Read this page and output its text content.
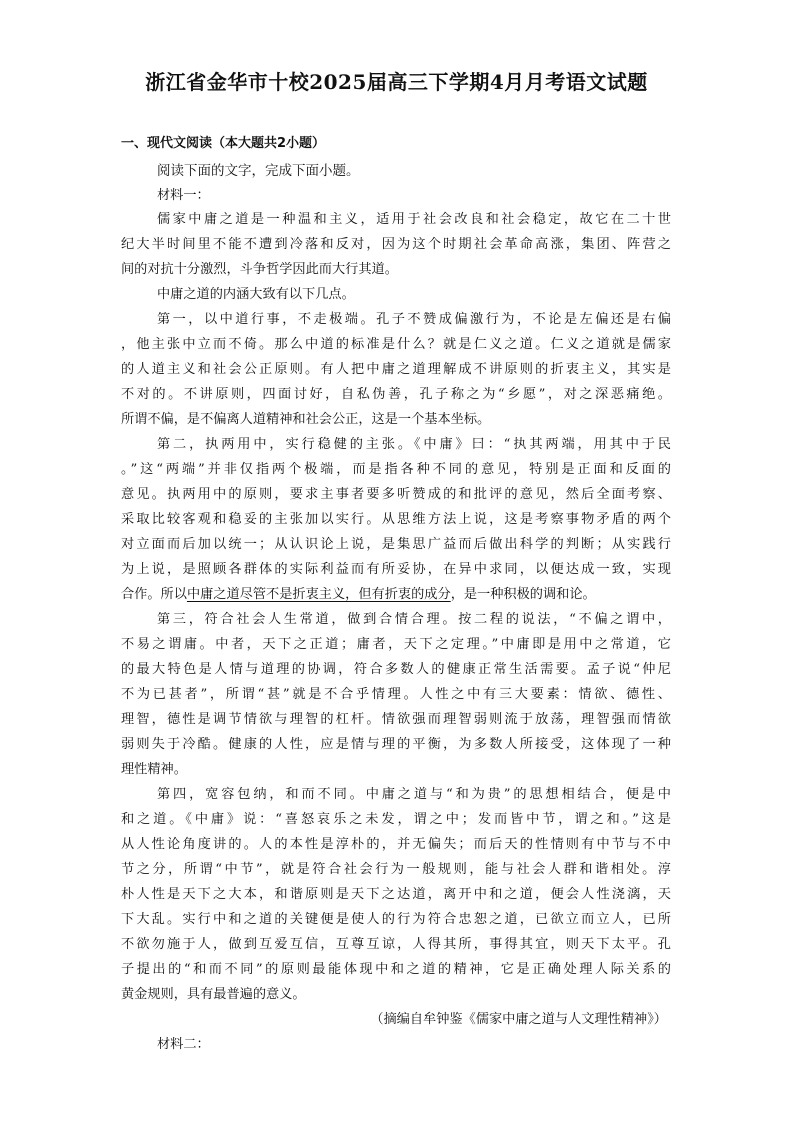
浙江省金华市十校2025届高三下学期4月月考语文试题
一、现代文阅读（本大题共2小题）
阅读下面的文字，完成下面小题。
材料一：
儒家中庸之道是一种温和主义，适用于社会改良和社会稳定，故它在二十世
纪大半时间里不能不遭到冷落和反对，因为这个时期社会革命高涨，集团、阵营之
间的对抗十分激烈，斗争哲学因此而大行其道。
中庸之道的内涵大致有以下几点。
第一，以中道行事，不走极端。孔子不赞成偏激行为，不论是左偏还是右偏
，他主张中立而不倚。那么中道的标准是什么？就是仁义之道。仁义之道就是儒家
的人道主义和社会公正原则。有人把中庸之道理解成不讲原则的折衷主义，其实是
不对的。不讲原则，四面讨好，自私伪善，孔子称之为“乡愿”，对之深恶痛绝。
所谓不偏，是不偏离人道精神和社会公正，这是一个基本坐标。
第二，执两用中，实行稳健的主张。《中庸》曰：“执其两端，用其中于民
。”这“两端”并非仅指两个极端，而是指各种不同的意见，特别是正面和反面的
意见。执两用中的原则，要求主事者要多听赞成的和批评的意见，然后全面考察、
采取比较客观和稳妥的主张加以实行。从思维方法上说，这是考察事物矛盾的两个
对立面而后加以统一；从认识论上说，是集思广益而后做出科学的判断；从实践行
为上说，是照顾各群体的实际利益而有所妥协，在异中求同，以便达成一致，实现
合作。所以中庸之道尽管不是折衷主义，但有折衷的成分，是一种积极的调和论。
第三，符合社会人生常道，做到合情合理。按二程的说法，“不偏之谓中，
不易之谓庸。中者，天下之正道；庸者，天下之定理。”中庸即是用中之常道，它
的最大特色是人情与道理的协调，符合多数人的健康正常生活需要。孟子说“仲尼
不为已甚者”，所谓“甚”就是不合乎情理。人性之中有三大要素：情欲、德性、
理智，德性是调节情欲与理智的杠杆。情欲强而理智弱则流于放荡，理智强而情欲
弱则失于冷酷。健康的人性，应是情与理的平衡，为多数人所接受，这体现了一种
理性精神。
第四，宽容包纳，和而不同。中庸之道与“和为贵”的思想相结合，便是中
和之道。《中庸》说：“喜怒哀乐之未发，谓之中；发而皆中节，谓之和。”这是
从人性论角度讲的。人的本性是淳朴的，并无偏失；而后天的性情则有中节与不中
节之分，所谓“中节”，就是符合社会行为一般规则，能与社会人群和谐相处。淳
朴人性是天下之大本，和谐原则是天下之达道，离开中和之道，便会人性浇漓，天
下大乱。实行中和之道的关键便是使人的行为符合忠恕之道，已欲立而立人，已所
不欲勿施于人，做到互爱互信，互尊互谅，人得其所，事得其宜，则天下太平。孔
子提出的“和而不同”的原则最能体现中和之道的精神，它是正确处理人际关系的
黄金规则，具有最普遍的意义。
（摘编自牟钟鉴《儒家中庸之道与人文理性精神》）
材料二：
